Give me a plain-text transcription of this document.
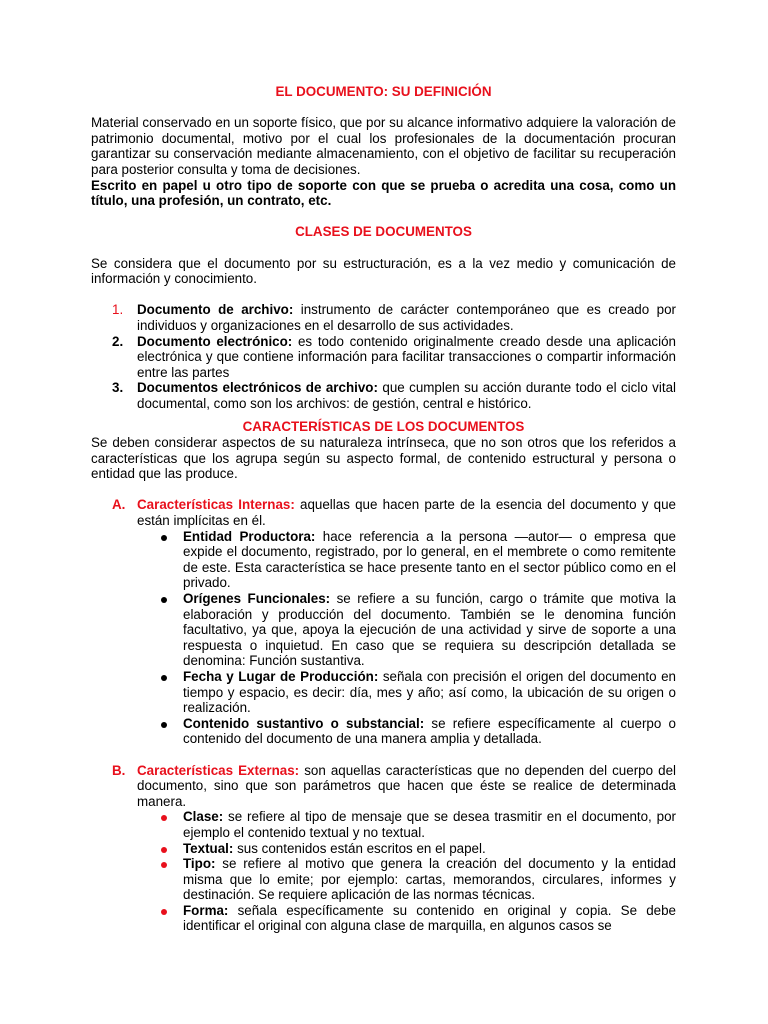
EL DOCUMENTO: SU DEFINICIÓN

Material conservado en un soporte físico, que por su alcance informativo adquiere la valoración de patrimonio documental, motivo por el cual los profesionales de la documentación procuran garantizar su conservación mediante almacenamiento, con el objetivo de facilitar su recuperación para posterior consulta y toma de decisiones.

Escrito en papel u otro tipo de soporte con que se prueba o acredita una cosa, como un título, una profesión, un contrato, etc.

CLASES DE DOCUMENTOS

Se considera que el documento por su estructuración, es a la vez medio y comunicación de información y conocimiento.

1. Documento de archivo: instrumento de carácter contemporáneo que es creado por individuos y organizaciones en el desarrollo de sus actividades.
2. Documento electrónico: es todo contenido originalmente creado desde una aplicación electrónica y que contiene información para facilitar transacciones o compartir información entre las partes
3. Documentos electrónicos de archivo: que cumplen su acción durante todo el ciclo vital documental, como son los archivos: de gestión, central e histórico.

CARACTERÍSTICAS DE LOS DOCUMENTOS

Se deben considerar aspectos de su naturaleza intrínseca, que no son otros que los referidos a características que los agrupa según su aspecto formal, de contenido estructural y persona o entidad que las produce.

A. Características Internas: aquellas que hacen parte de la esencia del documento y que están implícitas en él.
Entidad Productora: hace referencia a la persona —autor— o empresa que expide el documento, registrado, por lo general, en el membrete o como remitente de este. Esta característica se hace presente tanto en el sector público como en el privado.
Orígenes Funcionales: se refiere a su función, cargo o trámite que motiva la elaboración y producción del documento. También se le denomina función facultativo, ya que, apoya la ejecución de una actividad y sirve de soporte a una respuesta o inquietud. En caso que se requiera su descripción detallada se denomina: Función sustantiva.
Fecha y Lugar de Producción: señala con precisión el origen del documento en tiempo y espacio, es decir: día, mes y año; así como, la ubicación de su origen o realización.
Contenido sustantivo o substancial: se refiere específicamente al cuerpo o contenido del documento de una manera amplia y detallada.
B. Características Externas: son aquellas características que no dependen del cuerpo del documento, sino que son parámetros que hacen que éste se realice de determinada manera.
Clase: se refiere al tipo de mensaje que se desea trasmitir en el documento, por ejemplo el contenido textual y no textual.
Textual: sus contenidos están escritos en el papel.
Tipo: se refiere al motivo que genera la creación del documento y la entidad misma que lo emite; por ejemplo: cartas, memorandos, circulares, informes y destinación. Se requiere aplicación de las normas técnicas.
Forma: señala específicamente su contenido en original y copia. Se debe identificar el original con alguna clase de marquilla, en algunos casos se
